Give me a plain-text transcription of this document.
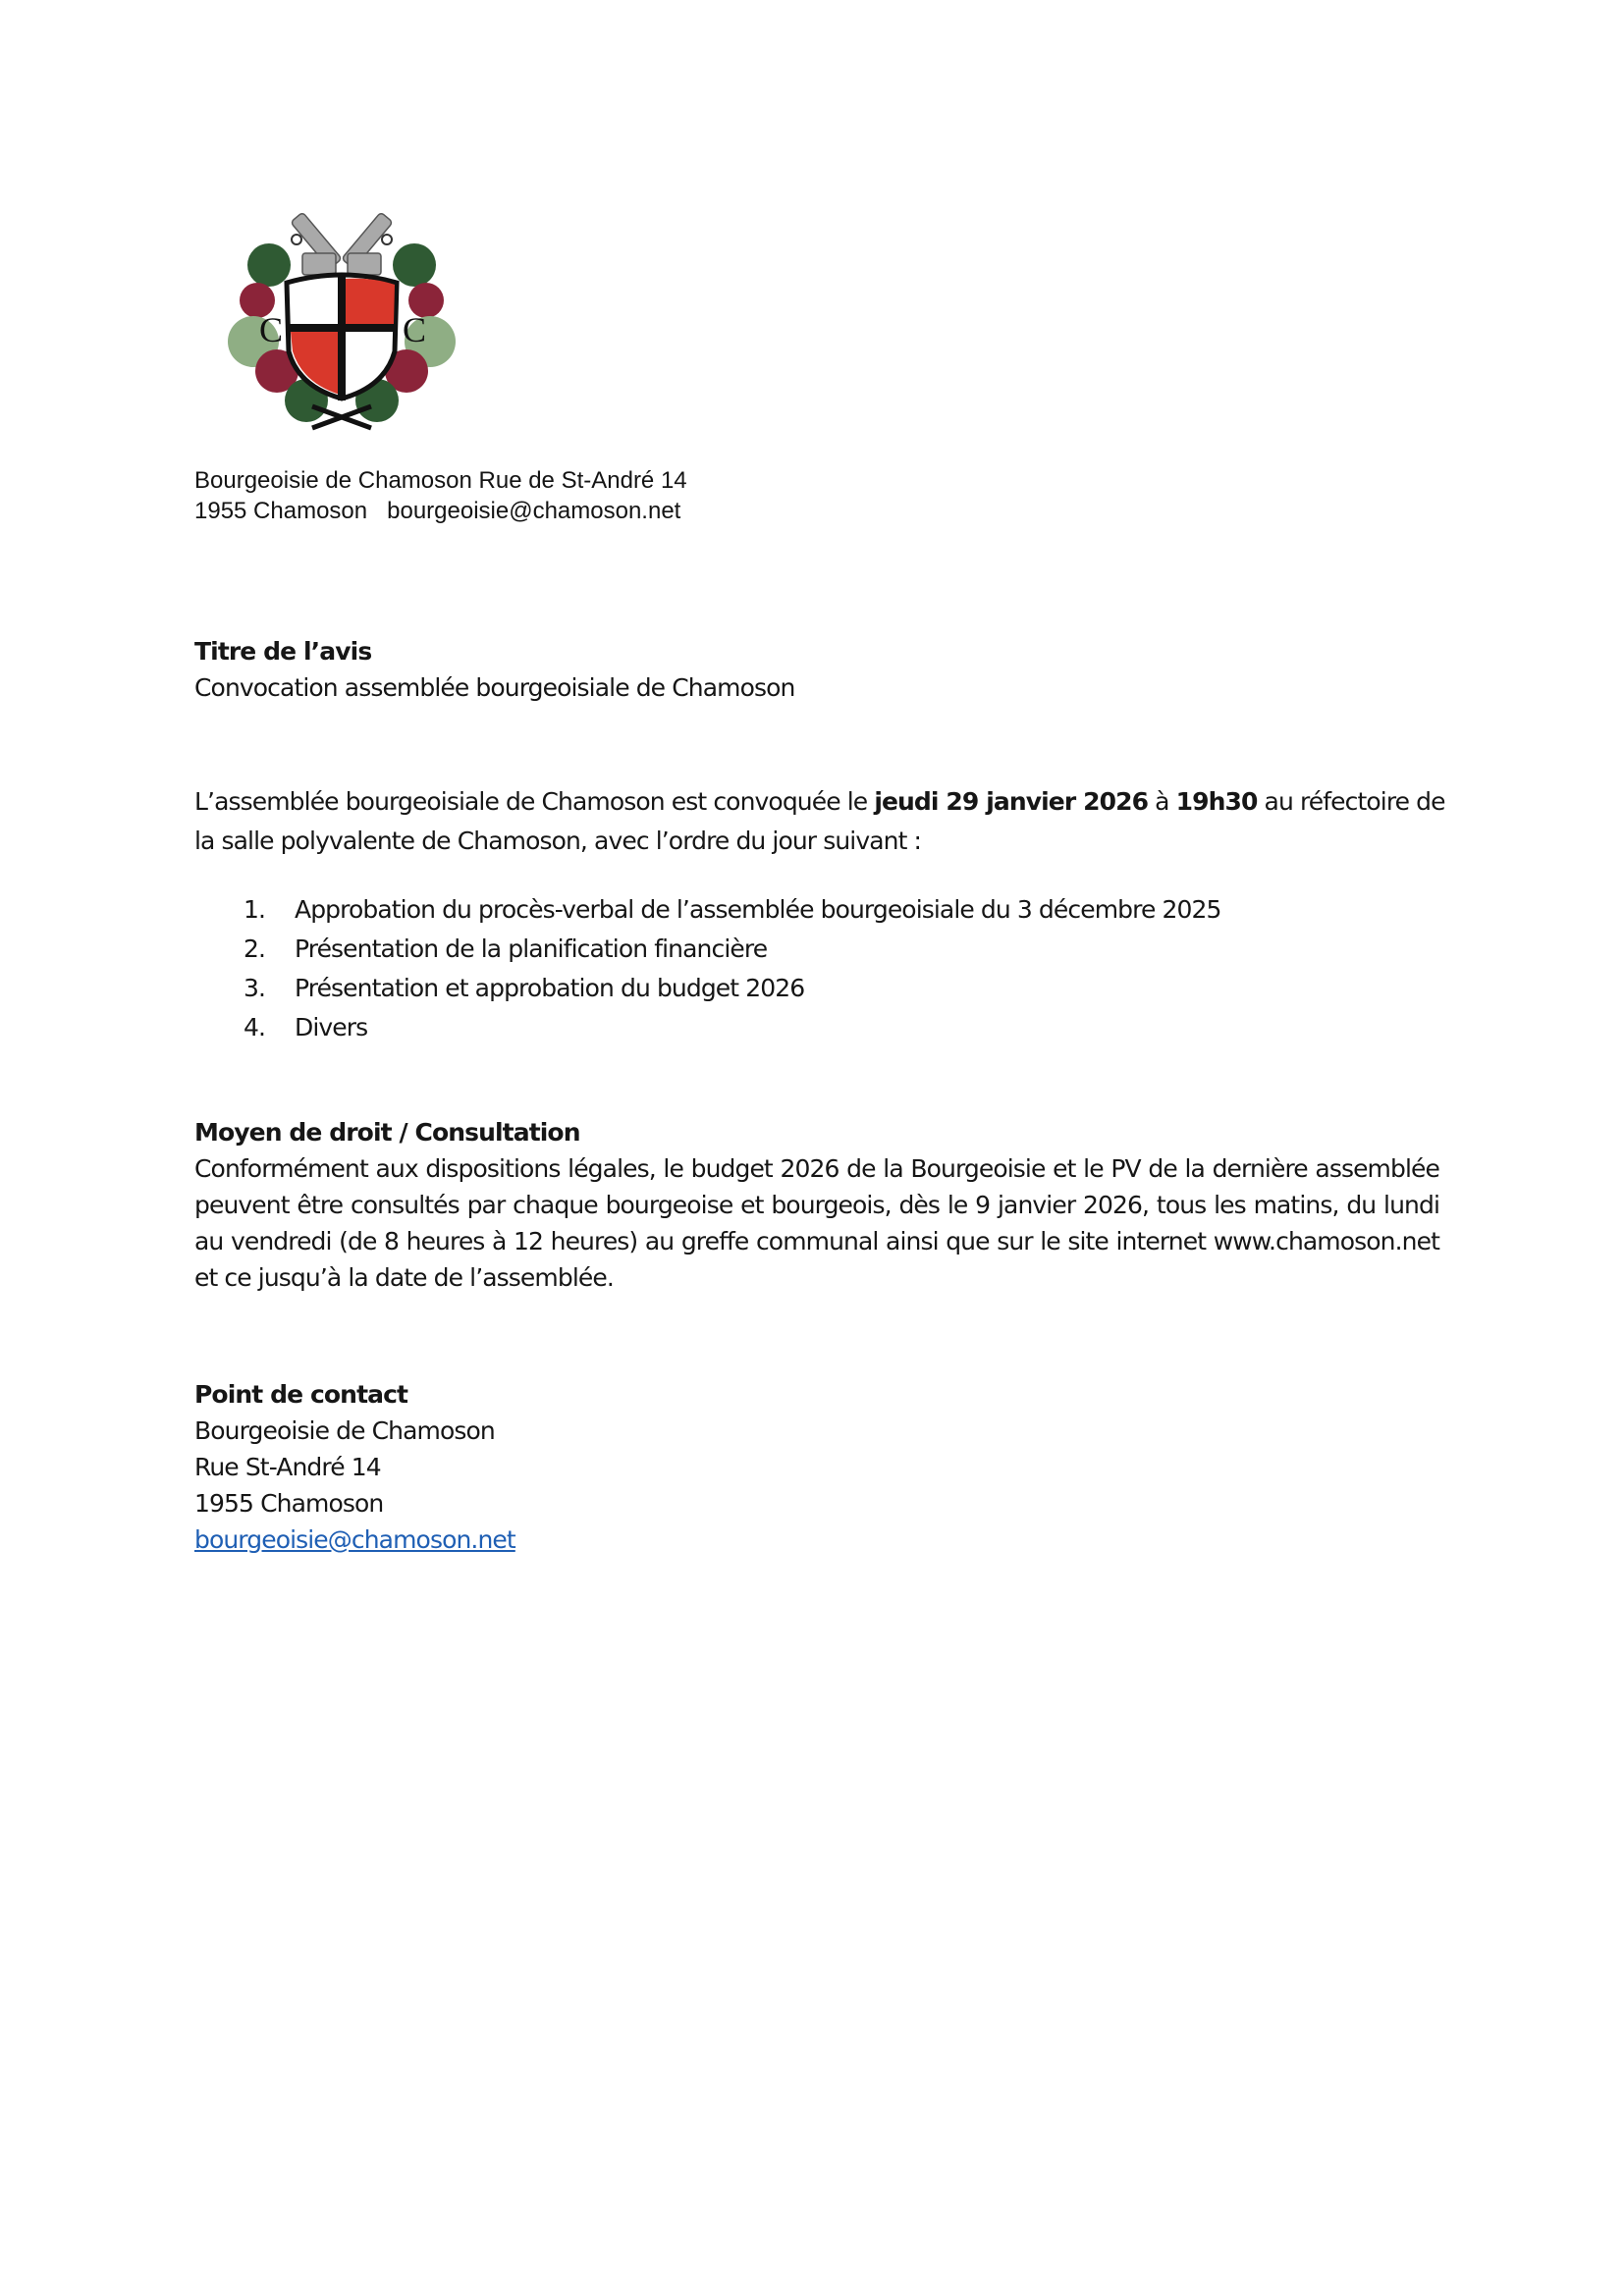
C	C
Bourgeoisie de Chamoson Rue de St-André 14
1955 Chamoson   bourgeoisie@chamoson.net
Titre de l’avis
Convocation assemblée bourgeoisiale de Chamoson
L’assemblée bourgeoisiale de Chamoson est convoquée le jeudi 29 janvier 2026 à 19h30 au réfectoire de la salle polyvalente de Chamoson, avec l’ordre du jour suivant :
1.	Approbation du procès-verbal de l’assemblée bourgeoisiale du 3 décembre 2025
2.	Présentation de la planification financière
3.	Présentation et approbation du budget 2026
4.	Divers
Moyen de droit / Consultation
Conformément aux dispositions légales, le budget 2026 de la Bourgeoisie et le PV de la dernière assemblée peuvent être consultés par chaque bourgeoise et bourgeois, dès le 9 janvier 2026, tous les matins, du lundi au vendredi (de 8 heures à 12 heures) au greffe communal ainsi que sur le site internet www.chamoson.net et ce jusqu’à la date de l’assemblée.
Point de contact
Bourgeoisie de Chamoson
Rue St-André 14
1955 Chamoson
bourgeoisie@chamoson.net
